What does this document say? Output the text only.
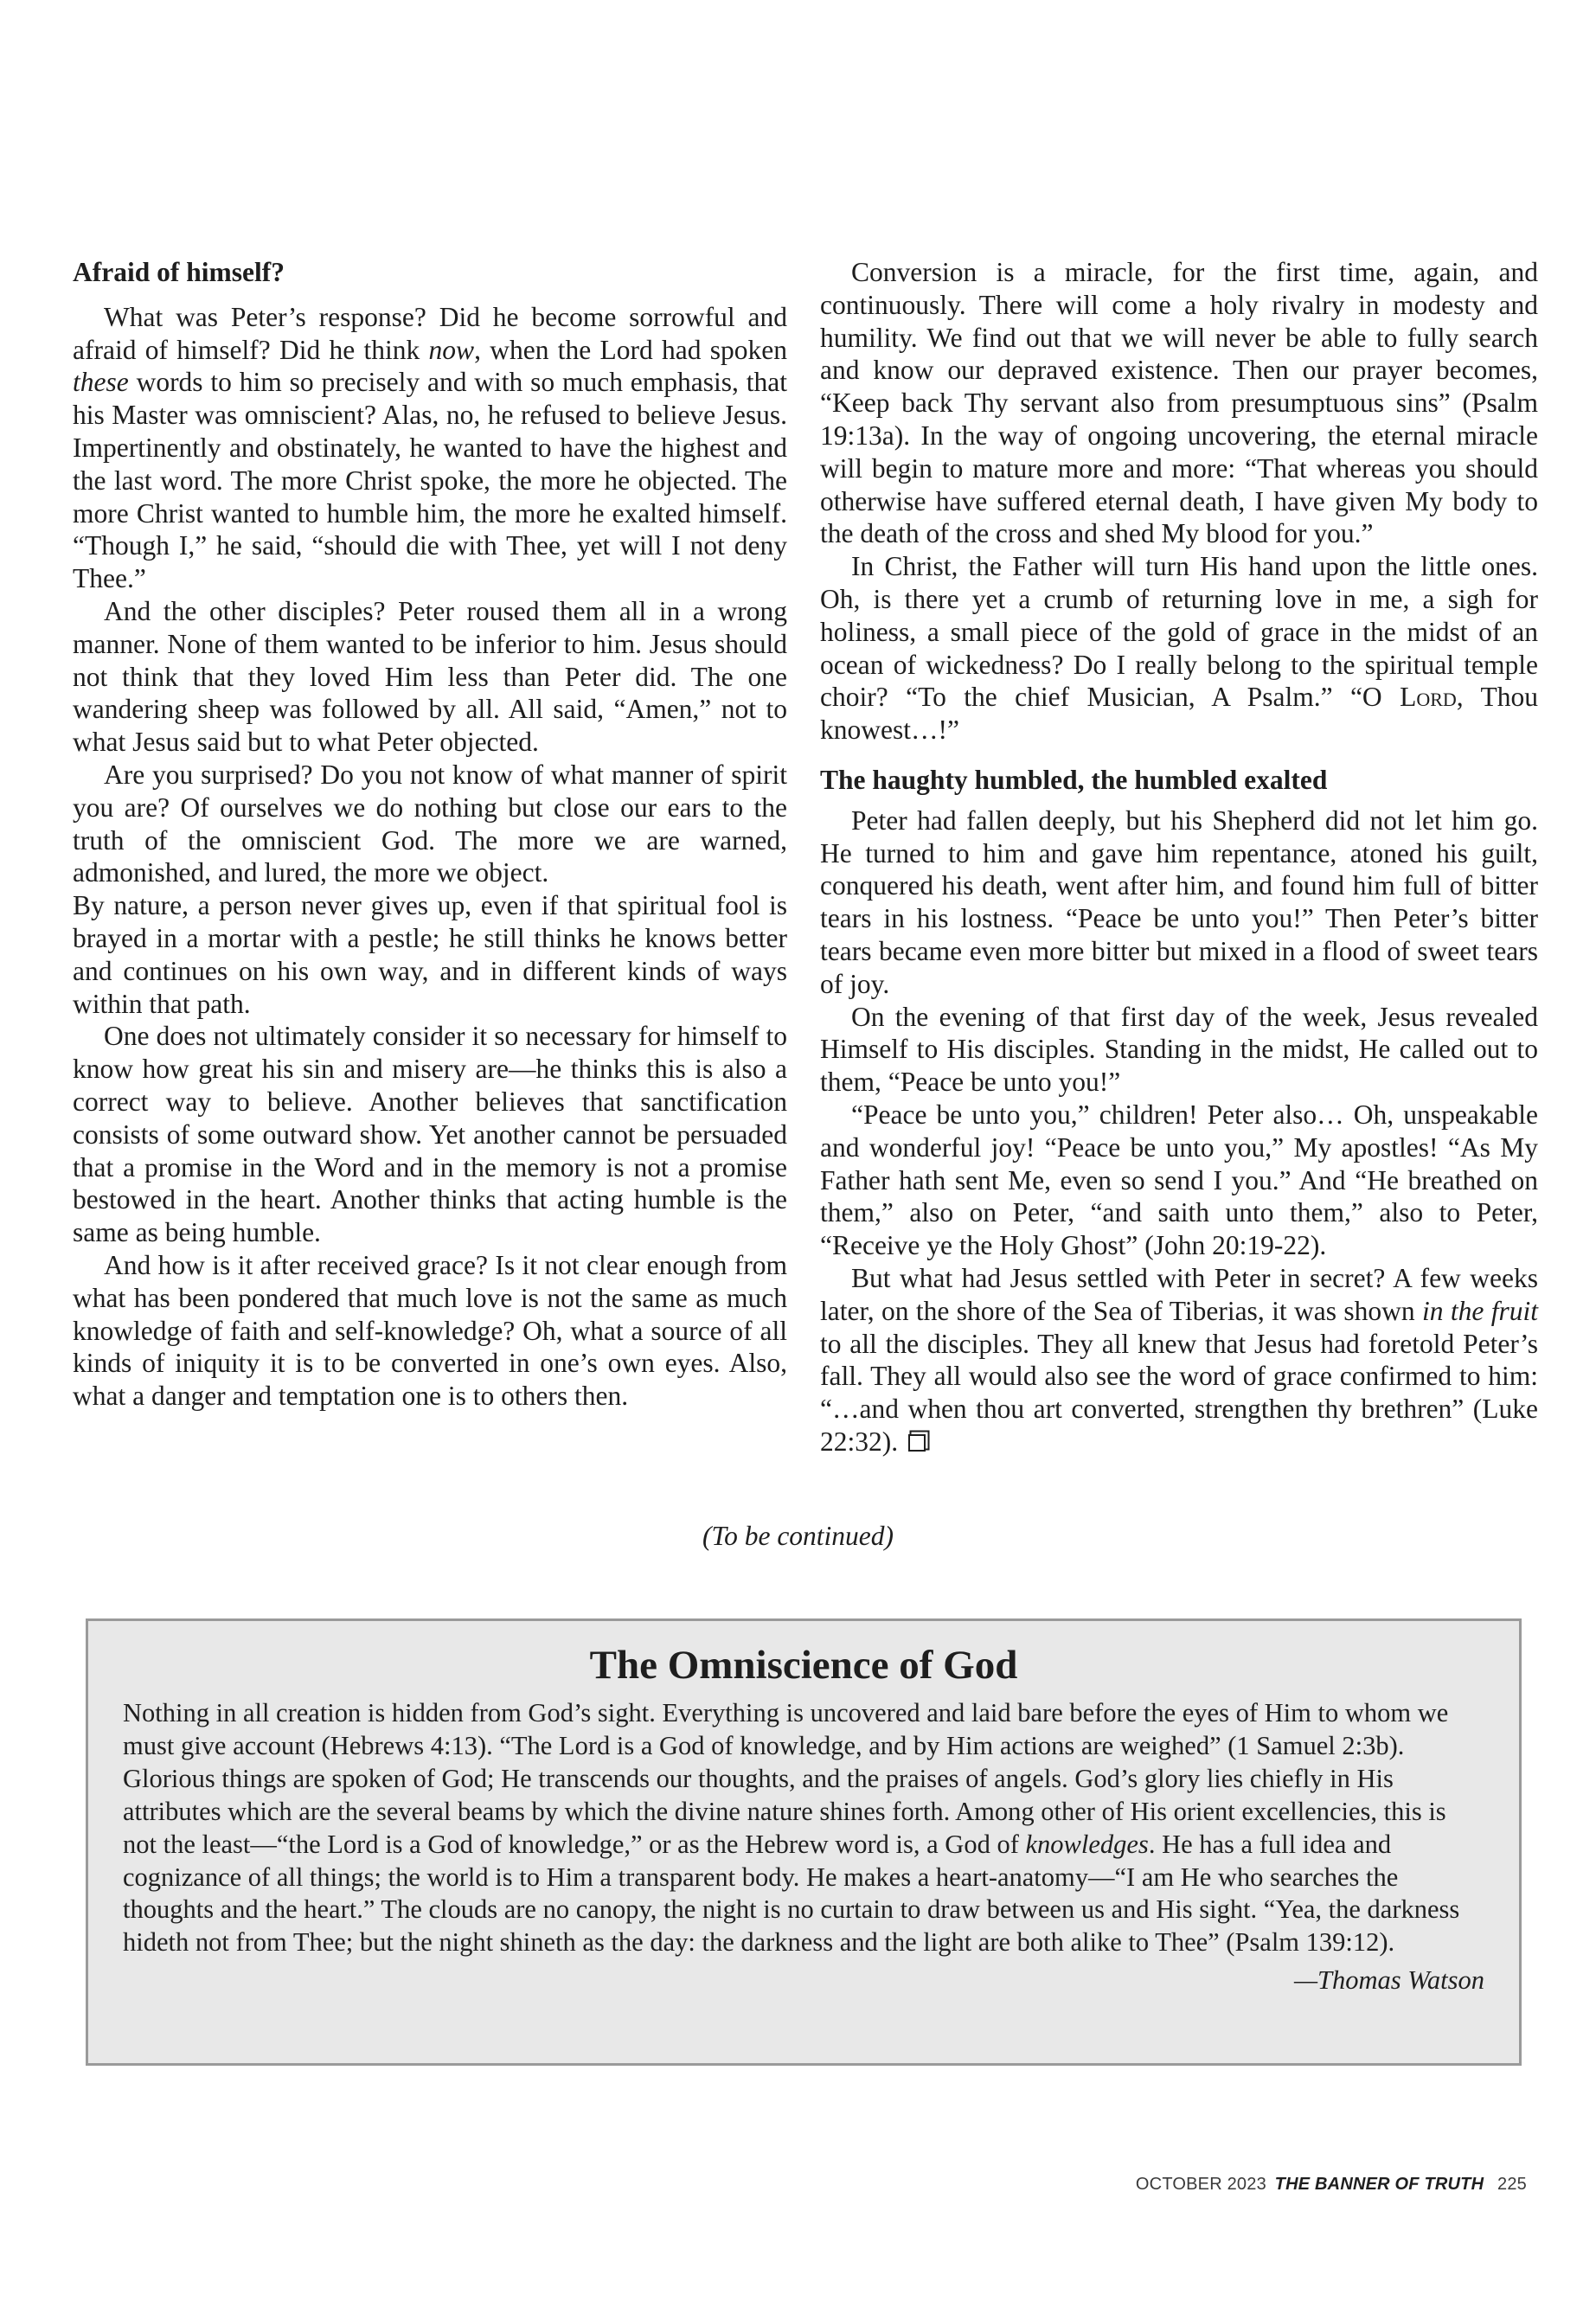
Afraid of himself?

What was Peter’s response? Did he become sorrowful and afraid of himself? Did he think now, when the Lord had spoken these words to him so precisely and with so much emphasis, that his Master was omniscient? Alas, no, he refused to believe Jesus. Impertinently and obstinately, he wanted to have the highest and the last word. The more Christ spoke, the more he objected. The more Christ wanted to humble him, the more he exalted himself. “Though I,” he said, “should die with Thee, yet will I not deny Thee.”

And the other disciples? Peter roused them all in a wrong manner. None of them wanted to be inferior to him. Jesus should not think that they loved Him less than Peter did. The one wandering sheep was followed by all. All said, “Amen,” not to what Jesus said but to what Peter objected.

Are you surprised? Do you not know of what manner of spirit you are? Of ourselves we do nothing but close our ears to the truth of the omniscient God. The more we are warned, admonished, and lured, the more we object.

By nature, a person never gives up, even if that spiritual fool is brayed in a mortar with a pestle; he still thinks he knows better and continues on his own way, and in different kinds of ways within that path.

One does not ultimately consider it so necessary for himself to know how great his sin and misery are—he thinks this is also a correct way to believe. Another believes that sanctification consists of some outward show. Yet another cannot be persuaded that a promise in the Word and in the memory is not a promise bestowed in the heart. Another thinks that acting humble is the same as being humble.

And how is it after received grace? Is it not clear enough from what has been pondered that much love is not the same as much knowledge of faith and self-knowledge? Oh, what a source of all kinds of iniquity it is to be converted in one’s own eyes. Also, what a danger and temptation one is to others then.

Conversion is a miracle, for the first time, again, and continuously. There will come a holy rivalry in modesty and humility. We find out that we will never be able to fully search and know our depraved existence. Then our prayer becomes, “Keep back Thy servant also from presumptuous sins” (Psalm 19:13a). In the way of ongoing uncovering, the eternal miracle will begin to mature more and more: “That whereas you should otherwise have suffered eternal death, I have given My body to the death of the cross and shed My blood for you.”

In Christ, the Father will turn His hand upon the little ones. Oh, is there yet a crumb of returning love in me, a sigh for holiness, a small piece of the gold of grace in the midst of an ocean of wickedness? Do I really belong to the spiritual temple choir? “To the chief Musician, A Psalm.” “O Lord, Thou knowest…!”

The haughty humbled, the humbled exalted

Peter had fallen deeply, but his Shepherd did not let him go. He turned to him and gave him repentance, atoned his guilt, conquered his death, went after him, and found him full of bitter tears in his lostness. “Peace be unto you!” Then Peter’s bitter tears became even more bitter but mixed in a flood of sweet tears of joy.

On the evening of that first day of the week, Jesus revealed Himself to His disciples. Standing in the midst, He called out to them, “Peace be unto you!”

“Peace be unto you,” children! Peter also… Oh, unspeakable and wonderful joy! “Peace be unto you,” My apostles! “As My Father hath sent Me, even so send I you.” And “He breathed on them,” also on Peter, “and saith unto them,” also to Peter, “Receive ye the Holy Ghost” (John 20:19-22).

But what had Jesus settled with Peter in secret? A few weeks later, on the shore of the Sea of Tiberias, it was shown in the fruit to all the disciples. They all knew that Jesus had foretold Peter’s fall. They all would also see the word of grace confirmed to him: “…and when thou art converted, strengthen thy brethren” (Luke 22:32).

(To be continued)
The Omniscience of God

Nothing in all creation is hidden from God’s sight. Everything is uncovered and laid bare before the eyes of Him to whom we must give account (Hebrews 4:13). “The Lord is a God of knowledge, and by Him actions are weighed” (1 Samuel 2:3b). Glorious things are spoken of God; He transcends our thoughts, and the praises of angels. God’s glory lies chiefly in His attributes which are the several beams by which the divine nature shines forth. Among other of His orient excellencies, this is not the least—“the Lord is a God of knowledge,” or as the Hebrew word is, a God of knowledges. He has a full idea and cognizance of all things; the world is to Him a transparent body. He makes a heart-anatomy—“I am He who searches the thoughts and the heart.” The clouds are no canopy, the night is no curtain to draw between us and His sight. “Yea, the darkness hideth not from Thee; but the night shineth as the day: the darkness and the light are both alike to Thee” (Psalm 139:12).

—Thomas Watson
OCTOBER 2023 THE BANNER OF TRUTH 225
